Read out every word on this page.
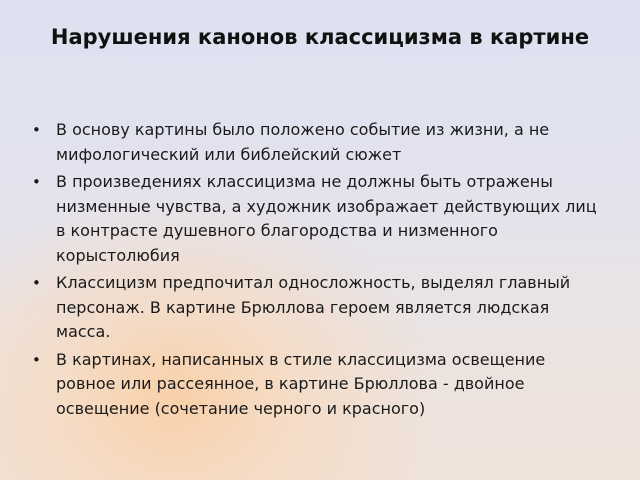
Нарушения канонов классицизма в картине
• В основу картины было положено событие из жизни, а не мифологический или библейский сюжет
• В произведениях классицизма не должны быть отражены низменные чувства, а художник изображает действующих лиц в контрасте душевного благородства и низменного корыстолюбия
• Классицизм предпочитал односложность, выделял главный персонаж. В картине Брюллова героем является людская масса.
• В картинах, написанных в стиле классицизма освещение ровное или рассеянное, в картине Брюллова - двойное освещение (сочетание черного и красного)
